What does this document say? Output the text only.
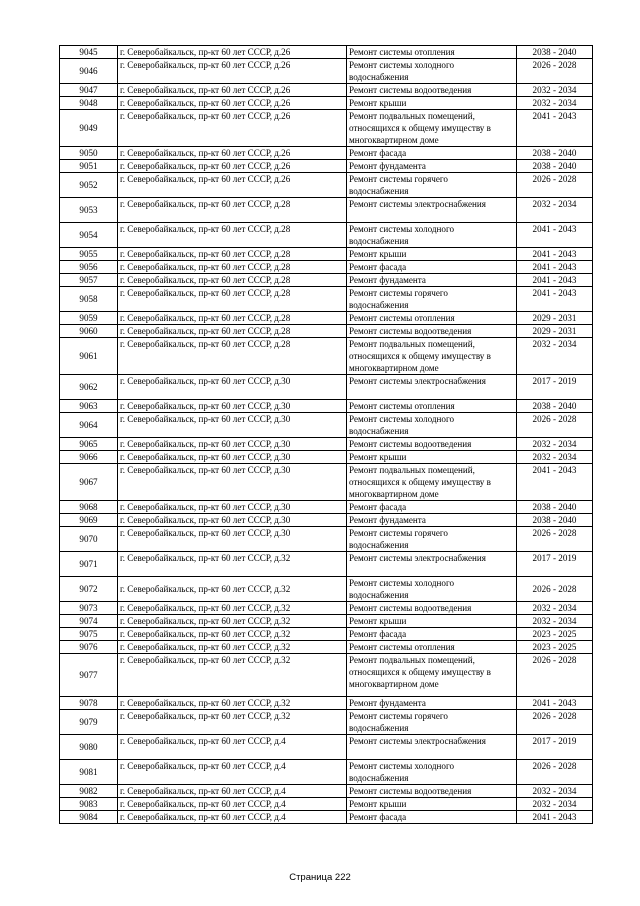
9045	г. Северобайкальск, пр-кт 60 лет СССР, д.26	Ремонт системы отопления	2038 - 2040
9046	г. Северобайкальск, пр-кт 60 лет СССР, д.26	Ремонт системы холодного
водоснабжения	2026 - 2028
9047	г. Северобайкальск, пр-кт 60 лет СССР, д.26	Ремонт системы водоотведения	2032 - 2034
9048	г. Северобайкальск, пр-кт 60 лет СССР, д.26	Ремонт крыши	2032 - 2034
9049	г. Северобайкальск, пр-кт 60 лет СССР, д.26	Ремонт подвальных помещений,
относящихся к общему имуществу в
многоквартирном доме	2041 - 2043
9050	г. Северобайкальск, пр-кт 60 лет СССР, д.26	Ремонт фасада	2038 - 2040
9051	г. Северобайкальск, пр-кт 60 лет СССР, д.26	Ремонт фундамента	2038 - 2040
9052	г. Северобайкальск, пр-кт 60 лет СССР, д.26	Ремонт системы горячего
водоснабжения	2026 - 2028
9053	г. Северобайкальск, пр-кт 60 лет СССР, д.28	Ремонт системы электроснабжения	2032 - 2034
9054	г. Северобайкальск, пр-кт 60 лет СССР, д.28	Ремонт системы холодного
водоснабжения	2041 - 2043
9055	г. Северобайкальск, пр-кт 60 лет СССР, д.28	Ремонт крыши	2041 - 2043
9056	г. Северобайкальск, пр-кт 60 лет СССР, д.28	Ремонт фасада	2041 - 2043
9057	г. Северобайкальск, пр-кт 60 лет СССР, д.28	Ремонт фундамента	2041 - 2043
9058	г. Северобайкальск, пр-кт 60 лет СССР, д.28	Ремонт системы горячего
водоснабжения	2041 - 2043
9059	г. Северобайкальск, пр-кт 60 лет СССР, д.28	Ремонт системы отопления	2029 - 2031
9060	г. Северобайкальск, пр-кт 60 лет СССР, д.28	Ремонт системы водоотведения	2029 - 2031
9061	г. Северобайкальск, пр-кт 60 лет СССР, д.28	Ремонт подвальных помещений,
относящихся к общему имуществу в
многоквартирном доме	2032 - 2034
9062	г. Северобайкальск, пр-кт 60 лет СССР, д.30	Ремонт системы электроснабжения	2017 - 2019
9063	г. Северобайкальск, пр-кт 60 лет СССР, д.30	Ремонт системы отопления	2038 - 2040
9064	г. Северобайкальск, пр-кт 60 лет СССР, д.30	Ремонт системы холодного
водоснабжения	2026 - 2028
9065	г. Северобайкальск, пр-кт 60 лет СССР, д.30	Ремонт системы водоотведения	2032 - 2034
9066	г. Северобайкальск, пр-кт 60 лет СССР, д.30	Ремонт крыши	2032 - 2034
9067	г. Северобайкальск, пр-кт 60 лет СССР, д.30	Ремонт подвальных помещений,
относящихся к общему имуществу в
многоквартирном доме	2041 - 2043
9068	г. Северобайкальск, пр-кт 60 лет СССР, д.30	Ремонт фасада	2038 - 2040
9069	г. Северобайкальск, пр-кт 60 лет СССР, д.30	Ремонт фундамента	2038 - 2040
9070	г. Северобайкальск, пр-кт 60 лет СССР, д.30	Ремонт системы горячего
водоснабжения	2026 - 2028
9071	г. Северобайкальск, пр-кт 60 лет СССР, д.32	Ремонт системы электроснабжения	2017 - 2019
9072	г. Северобайкальск, пр-кт 60 лет СССР, д.32	Ремонт системы холодного
водоснабжения	2026 - 2028
9073	г. Северобайкальск, пр-кт 60 лет СССР, д.32	Ремонт системы водоотведения	2032 - 2034
9074	г. Северобайкальск, пр-кт 60 лет СССР, д.32	Ремонт крыши	2032 - 2034
9075	г. Северобайкальск, пр-кт 60 лет СССР, д.32	Ремонт фасада	2023 - 2025
9076	г. Северобайкальск, пр-кт 60 лет СССР, д.32	Ремонт системы отопления	2023 - 2025
9077	г. Северобайкальск, пр-кт 60 лет СССР, д.32	Ремонт подвальных помещений,
относящихся к общему имуществу в
многоквартирном доме	2026 - 2028
9078	г. Северобайкальск, пр-кт 60 лет СССР, д.32	Ремонт фундамента	2041 - 2043
9079	г. Северобайкальск, пр-кт 60 лет СССР, д.32	Ремонт системы горячего
водоснабжения	2026 - 2028
9080	г. Северобайкальск, пр-кт 60 лет СССР, д.4	Ремонт системы электроснабжения	2017 - 2019
9081	г. Северобайкальск, пр-кт 60 лет СССР, д.4	Ремонт системы холодного
водоснабжения	2026 - 2028
9082	г. Северобайкальск, пр-кт 60 лет СССР, д.4	Ремонт системы водоотведения	2032 - 2034
9083	г. Северобайкальск, пр-кт 60 лет СССР, д.4	Ремонт крыши	2032 - 2034
9084	г. Северобайкальск, пр-кт 60 лет СССР, д.4	Ремонт фасада	2041 - 2043
Страница 222
